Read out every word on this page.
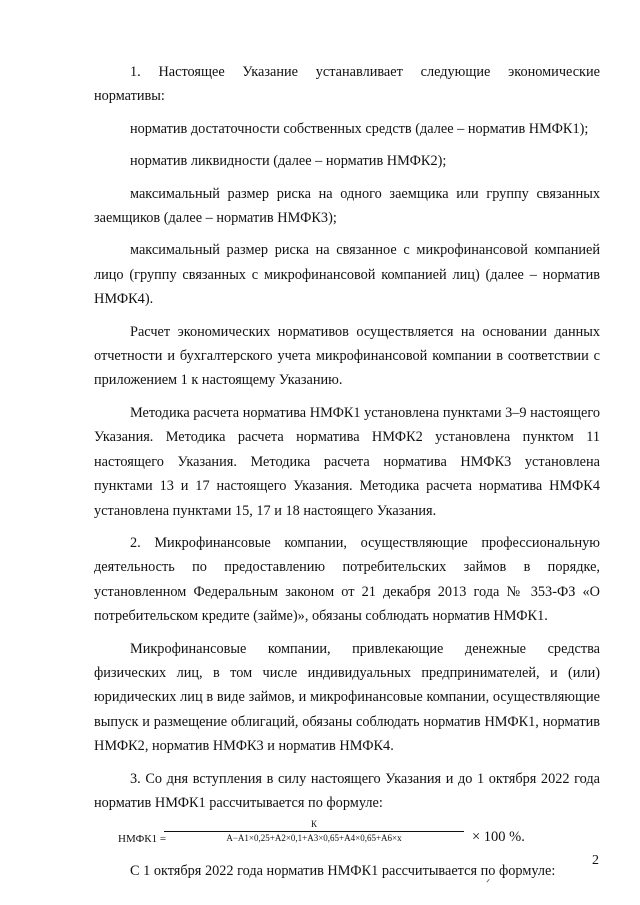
1. Настоящее Указание устанавливает следующие экономические нормативы:

норматив достаточности собственных средств (далее – норматив НМФК1);

норматив ликвидности (далее – норматив НМФК2);

максимальный размер риска на одного заемщика или группу связанных заемщиков (далее – норматив НМФК3);

максимальный размер риска на связанное с микрофинансовой компанией лицо (группу связанных с микрофинансовой компанией лиц) (далее – норматив НМФК4).

Расчет экономических нормативов осуществляется на основании данных отчетности и бухгалтерского учета микрофинансовой компании в соответствии с приложением 1 к настоящему Указанию.

Методика расчета норматива НМФК1 установлена пунктами 3–9 настоящего Указания. Методика расчета норматива НМФК2 установлена пунктом 11 настоящего Указания. Методика расчета норматива НМФК3 установлена пунктами 13 и 17 настоящего Указания. Методика расчета норматива НМФК4 установлена пунктами 15, 17 и 18 настоящего Указания.

2. Микрофинансовые компании, осуществляющие профессиональную деятельность по предоставлению потребительских займов в порядке, установленном Федеральным законом от 21 декабря 2013 года № 353-ФЗ «О потребительском кредите (займе)», обязаны соблюдать норматив НМФК1.

Микрофинансовые компании, привлекающие денежные средства физических лиц, в том числе индивидуальных предпринимателей, и (или) юридических лиц в виде займов, и микрофинансовые компании, осуществляющие выпуск и размещение облигаций, обязаны соблюдать норматив НМФК1, норматив НМФК2, норматив НМФК3 и норматив НМФК4.

3. Со дня вступления в силу настоящего Указания и до 1 октября 2022 года норматив НМФК1 рассчитывается по формуле:

НМФК1 =
К
А−А1×0,25+А2×0,1+А3×0,65+А4×0,65+А6×х	× 100 %.

С 1 октября 2022 года норматив НМФК1 рассчитывается по формуле:

2
ᐟ
